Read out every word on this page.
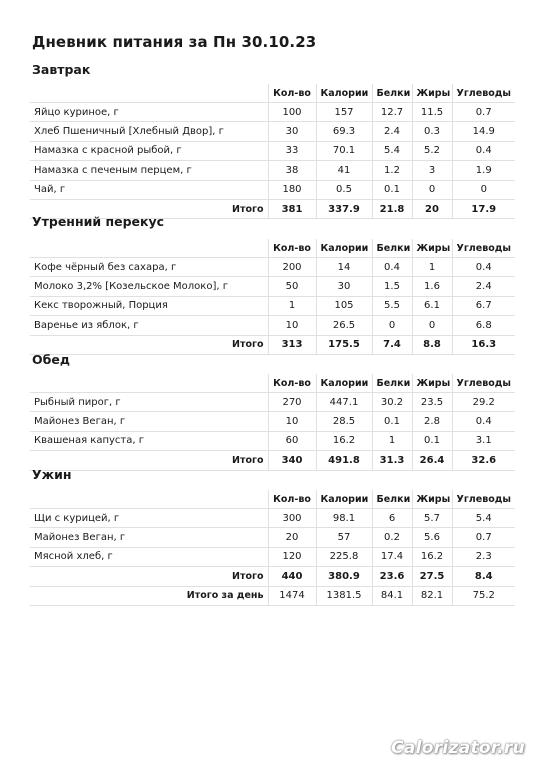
Дневник питания за Пн 30.10.23
Завтрак
	Кол-во	Калории	Белки	Жиры	Углеводы
Яйцо куриное, г	100	157	12.7	11.5	0.7
Хлеб Пшеничный [Хлебный Двор], г	30	69.3	2.4	0.3	14.9
Намазка с красной рыбой, г	33	70.1	5.4	5.2	0.4
Намазка с печеным перцем, г	38	41	1.2	3	1.9
Чай, г	180	0.5	0.1	0	0
Итого	381	337.9	21.8	20	17.9
Утренний перекус
	Кол-во	Калории	Белки	Жиры	Углеводы
Кофе чёрный без сахара, г	200	14	0.4	1	0.4
Молоко 3,2% [Козельское Молоко], г	50	30	1.5	1.6	2.4
Кекс творожный, Порция	1	105	5.5	6.1	6.7
Варенье из яблок, г	10	26.5	0	0	6.8
Итого	313	175.5	7.4	8.8	16.3
Обед
	Кол-во	Калории	Белки	Жиры	Углеводы
Рыбный пирог, г	270	447.1	30.2	23.5	29.2
Майонез Веган, г	10	28.5	0.1	2.8	0.4
Квашеная капуста, г	60	16.2	1	0.1	3.1
Итого	340	491.8	31.3	26.4	32.6
Ужин
	Кол-во	Калории	Белки	Жиры	Углеводы
Щи с курицей, г	300	98.1	6	5.7	5.4
Майонез Веган, г	20	57	0.2	5.6	0.7
Мясной хлеб, г	120	225.8	17.4	16.2	2.3
Итого	440	380.9	23.6	27.5	8.4
Итого за день	1474	1381.5	84.1	82.1	75.2
Calorizator.ru
